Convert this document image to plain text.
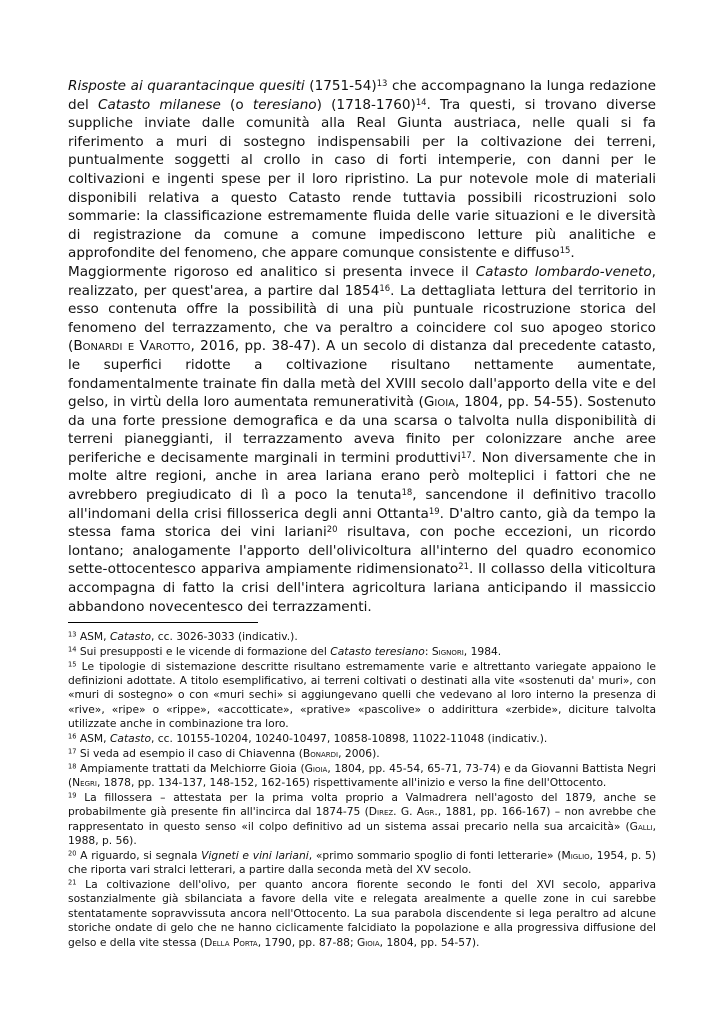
Risposte ai quarantacinque quesiti (1751-54)$^{13}$ che accompagnano la lunga redazione del Catasto milanese (o teresiano) (1718-1760)$^{14}$. Tra questi, si trovano diverse suppliche inviate dalle comunità alla Real Giunta austriaca, nelle quali si fa riferimento a muri di sostegno indispensabili per la coltivazione dei terreni, puntualmente soggetti al crollo in caso di forti intemperie, con danni per le coltivazioni e ingenti spese per il loro ripristino. La pur notevole mole di materiali disponibili relativa a questo Catasto rende tuttavia possibili ricostruzioni solo sommarie: la classificazione estremamente fluida delle varie situazioni e le diversità di registrazione da comune a comune impediscono letture più analitiche e approfondite del fenomeno, che appare comunque consistente e diffuso$^{15}$.

Maggiormente rigoroso ed analitico si presenta invece il Catasto lombardo-veneto, realizzato, per quest'area, a partire dal 1854$^{16}$. La dettagliata lettura del territorio in esso contenuta offre la possibilità di una più puntuale ricostruzione storica del fenomeno del terrazzamento, che va peraltro a coincidere col suo apogeo storico (Bonardi e Varotto, 2016, pp. 38-47). A un secolo di distanza dal precedente catasto, le superfici ridotte a coltivazione risultano nettamente aumentate, fondamentalmente trainate fin dalla metà del XVIII secolo dall'apporto della vite e del gelso, in virtù della loro aumentata remuneratività (Gioia, 1804, pp. 54-55). Sostenuto da una forte pressione demografica e da una scarsa o talvolta nulla disponibilità di terreni pianeggianti, il terrazzamento aveva finito per colonizzare anche aree periferiche e decisamente marginali in termini produttivi$^{17}$. Non diversamente che in molte altre regioni, anche in area lariana erano però molteplici i fattori che ne avrebbero pregiudicato di lì a poco la tenuta$^{18}$, sancendone il definitivo tracollo all'indomani della crisi fillosserica degli anni Ottanta$^{19}$. D'altro canto, già da tempo la stessa fama storica dei vini lariani$^{20}$ risultava, con poche eccezioni, un ricordo lontano; analogamente l'apporto dell'olivicoltura all'interno del quadro economico sette-ottocentesco appariva ampiamente ridimensionato$^{21}$. Il collasso della viticoltura accompagna di fatto la crisi dell'intera agricoltura lariana anticipando il massiccio abbandono novecentesco dei terrazzamenti.

$^{13}$ ASM, Catasto, cc. 3026-3033 (indicativ.).

$^{14}$ Sui presupposti e le vicende di formazione del Catasto teresiano: Signori, 1984.

$^{15}$ Le tipologie di sistemazione descritte risultano estremamente varie e altrettanto variegate appaiono le definizioni adottate. A titolo esemplificativo, ai terreni coltivati o destinati alla vite «sostenuti da' muri», con «muri di sostegno» o con «muri sechi» si aggiungevano quelli che vedevano al loro interno la presenza di «rive», «ripe» o «rippe», «accotticate», «prative» «pascolive» o addirittura «zerbide», diciture talvolta utilizzate anche in combinazione tra loro.

$^{16}$ ASM, Catasto, cc. 10155-10204, 10240-10497, 10858-10898, 11022-11048 (indicativ.).

$^{17}$ Si veda ad esempio il caso di Chiavenna (Bonardi, 2006).

$^{18}$ Ampiamente trattati da Melchiorre Gioia (Gioia, 1804, pp. 45-54, 65-71, 73-74) e da Giovanni Battista Negri (Negri, 1878, pp. 134-137, 148-152, 162-165) rispettivamente all'inizio e verso la fine dell'Ottocento.

$^{19}$ La fillossera – attestata per la prima volta proprio a Valmadrera nell'agosto del 1879, anche se probabilmente già presente fin all'incirca dal 1874-75 (Direz. G. Agr., 1881, pp. 166-167) – non avrebbe che rappresentato in questo senso «il colpo definitivo ad un sistema assai precario nella sua arcaicità» (Galli, 1988, p. 56).

$^{20}$ A riguardo, si segnala Vigneti e vini lariani, «primo sommario spoglio di fonti letterarie» (Miglio, 1954, p. 5) che riporta vari stralci letterari, a partire dalla seconda metà del XV secolo.

$^{21}$ La coltivazione dell'olivo, per quanto ancora fiorente secondo le fonti del XVI secolo, appariva sostanzialmente già sbilanciata a favore della vite e relegata arealmente a quelle zone in cui sarebbe stentatamente sopravvissuta ancora nell'Ottocento. La sua parabola discendente si lega peraltro ad alcune storiche ondate di gelo che ne hanno ciclicamente falcidiato la popolazione e alla progressiva diffusione del gelso e della vite stessa (Della Porta, 1790, pp. 87-88; Gioia, 1804, pp. 54-57).
